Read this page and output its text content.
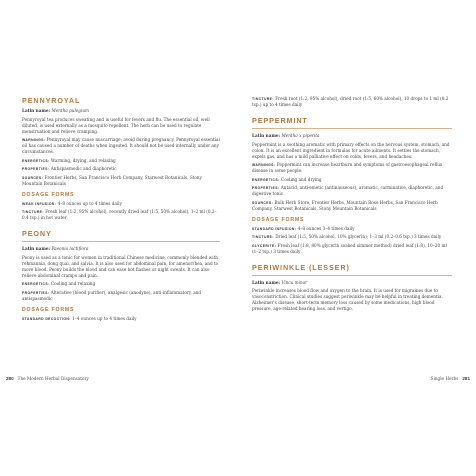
PENNYROYAL
Latin name: Mentha pulegium
Pennyroyal tea produces sweating and is useful for fevers and flu. The essential oil, well diluted, is used externally as a mosquito repellent. The herb can be used to regulate menstruation and relieve cramping.
WARNINGS: Pennyroyal may cause miscarriage; avoid during pregnancy. Pennyroyal essential oil has caused a number of deaths when ingested. It should not be used internally under any circumstances.
ENERGETICS: Warming, drying, and relaxing
PROPERTIES: Antispasmodic and diaphoretic
SOURCES: Frontier Herbs, San Francisco Herb Company, Starwest Botanicals, Stony Mountain Botanicals
DOSAGE FORMS
WEAK INFUSION: 4–8 ounces up to 4 times daily
TINCTURE: Fresh leaf (1:2, 95% alcohol), recently dried leaf (1:5, 50% alcohol), 1–2 ml (0.2–0.4 tsp.) in hot water
PEONY
Latin name: Paeonia lactiflora
Peony is used as a tonic for women in traditional Chinese medicine, commonly blended with rehmannia, dong quai, and salvia. It is also used for abdominal pain, for amenorrhea, and to move blood. Peony builds the blood and can ease hot flashes or night sweats. It can also relieve abdominal cramps and pain.
ENERGETICS: Cooling and relaxing
PROPERTIES: Alterative (blood purifier), analgesic (anodyne), anti-inflammatory, and antispasmodic
DOSAGE FORMS
STANDARD DECOCTION: 1–4 ounces up to 4 times daily
280 The Modern Herbal Dispensatory
TINCTURE: Fresh root (1:2, 95% alcohol), dried root (1:5, 60% alcohol), 10 drops to 1 ml (0.2 tsp.) up to 4 times daily
PEPPERMINT
Latin name: Mentha x piperita
Peppermint is a soothing aromatic with primary effects on the nervous system, stomach, and colon. It is an excellent ingredient in formulas for acute ailments. It settles the stomach, expels gas, and has a mild palliative effect on colds, fevers, and headaches.
WARNINGS: Peppermint can increase heartburn and symptoms of gastroesophageal reflux disease in some people.
ENERGETICS: Cooling and drying
PROPERTIES: Antacid, anti-emetic (antinauseous), aromatic, carminative, diaphoretic, and digestive tonic
SOURCES: Bulk Herb Store, Frontier Herbs, Mountain Rose Herbs, San Francisco Herb Company, Starwest Botanicals, Stony Mountain Botanicals
DOSAGE FORMS
STANDARD INFUSION: 4–8 ounces 3–4 times daily
TINCTURE: Dried leaf (1:5, 50% alcohol, 10% glycerin); 1–3 ml (0.2–0.6 tsp.) 3 times daily
GLYCERITE: Fresh leaf (1:8, 80% glycerin soaked simmer method) dried leaf (1:8), 10–20 ml (1–2 tsp.) 3 times daily
PERIWINKLE (LESSER)
Latin name: Vinca minor
Periwinkle increases blood flow and oxygen to the brain. It is used for migraines due to vasoconstriction. Clinical studies suggest periwinkle may be helpful in treating dementia, Alzheimer's disease, short-term memory loss caused by some medications, high blood pressure, age-related hearing loss, and vertigo.
Single Herbs 281
